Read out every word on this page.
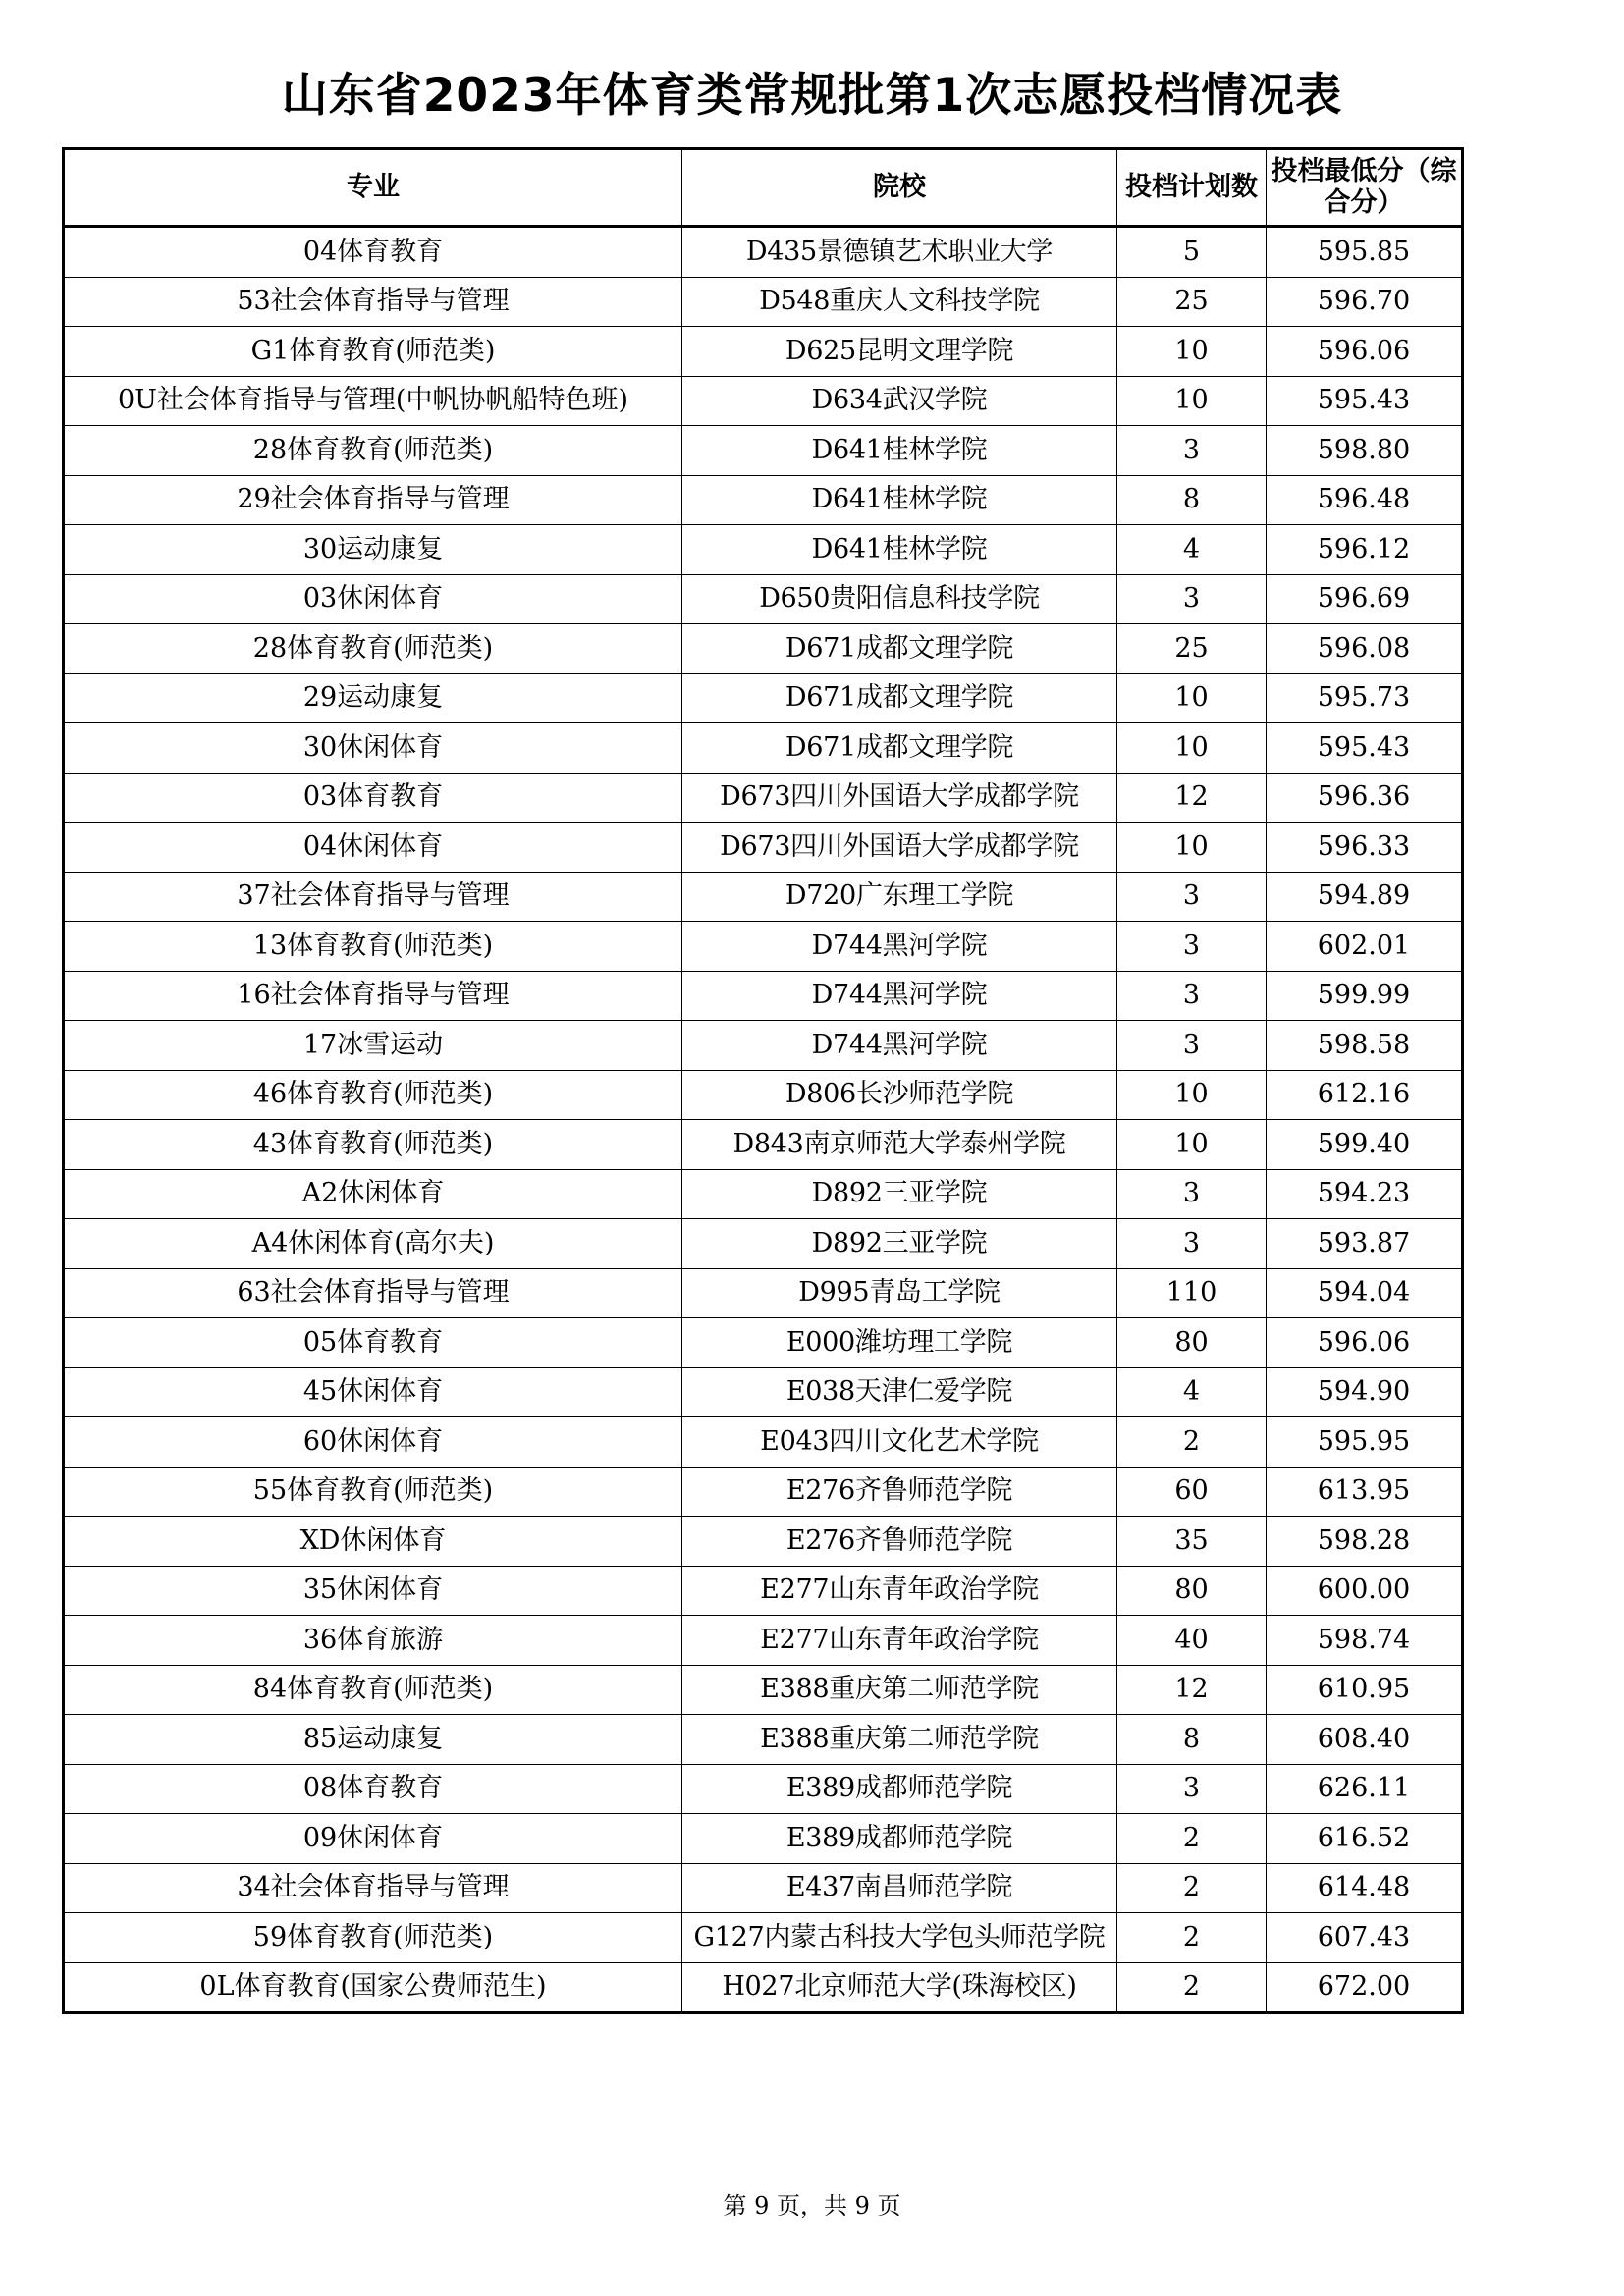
山东省2023年体育类常规批第1次志愿投档情况表
专业	院校	投档计划数	投档最低分（综合分）
04体育教育	D435景德镇艺术职业大学	5	595.85
53社会体育指导与管理	D548重庆人文科技学院	25	596.70
G1体育教育(师范类)	D625昆明文理学院	10	596.06
0U社会体育指导与管理(中帆协帆船特色班)	D634武汉学院	10	595.43
28体育教育(师范类)	D641桂林学院	3	598.80
29社会体育指导与管理	D641桂林学院	8	596.48
30运动康复	D641桂林学院	4	596.12
03休闲体育	D650贵阳信息科技学院	3	596.69
28体育教育(师范类)	D671成都文理学院	25	596.08
29运动康复	D671成都文理学院	10	595.73
30休闲体育	D671成都文理学院	10	595.43
03体育教育	D673四川外国语大学成都学院	12	596.36
04休闲体育	D673四川外国语大学成都学院	10	596.33
37社会体育指导与管理	D720广东理工学院	3	594.89
13体育教育(师范类)	D744黑河学院	3	602.01
16社会体育指导与管理	D744黑河学院	3	599.99
17冰雪运动	D744黑河学院	3	598.58
46体育教育(师范类)	D806长沙师范学院	10	612.16
43体育教育(师范类)	D843南京师范大学泰州学院	10	599.40
A2休闲体育	D892三亚学院	3	594.23
A4休闲体育(高尔夫)	D892三亚学院	3	593.87
63社会体育指导与管理	D995青岛工学院	110	594.04
05体育教育	E000潍坊理工学院	80	596.06
45休闲体育	E038天津仁爱学院	4	594.90
60休闲体育	E043四川文化艺术学院	2	595.95
55体育教育(师范类)	E276齐鲁师范学院	60	613.95
XD休闲体育	E276齐鲁师范学院	35	598.28
35休闲体育	E277山东青年政治学院	80	600.00
36体育旅游	E277山东青年政治学院	40	598.74
84体育教育(师范类)	E388重庆第二师范学院	12	610.95
85运动康复	E388重庆第二师范学院	8	608.40
08体育教育	E389成都师范学院	3	626.11
09休闲体育	E389成都师范学院	2	616.52
34社会体育指导与管理	E437南昌师范学院	2	614.48
59体育教育(师范类)	G127内蒙古科技大学包头师范学院	2	607.43
0L体育教育(国家公费师范生)	H027北京师范大学(珠海校区)	2	672.00
第 9 页，共 9 页
